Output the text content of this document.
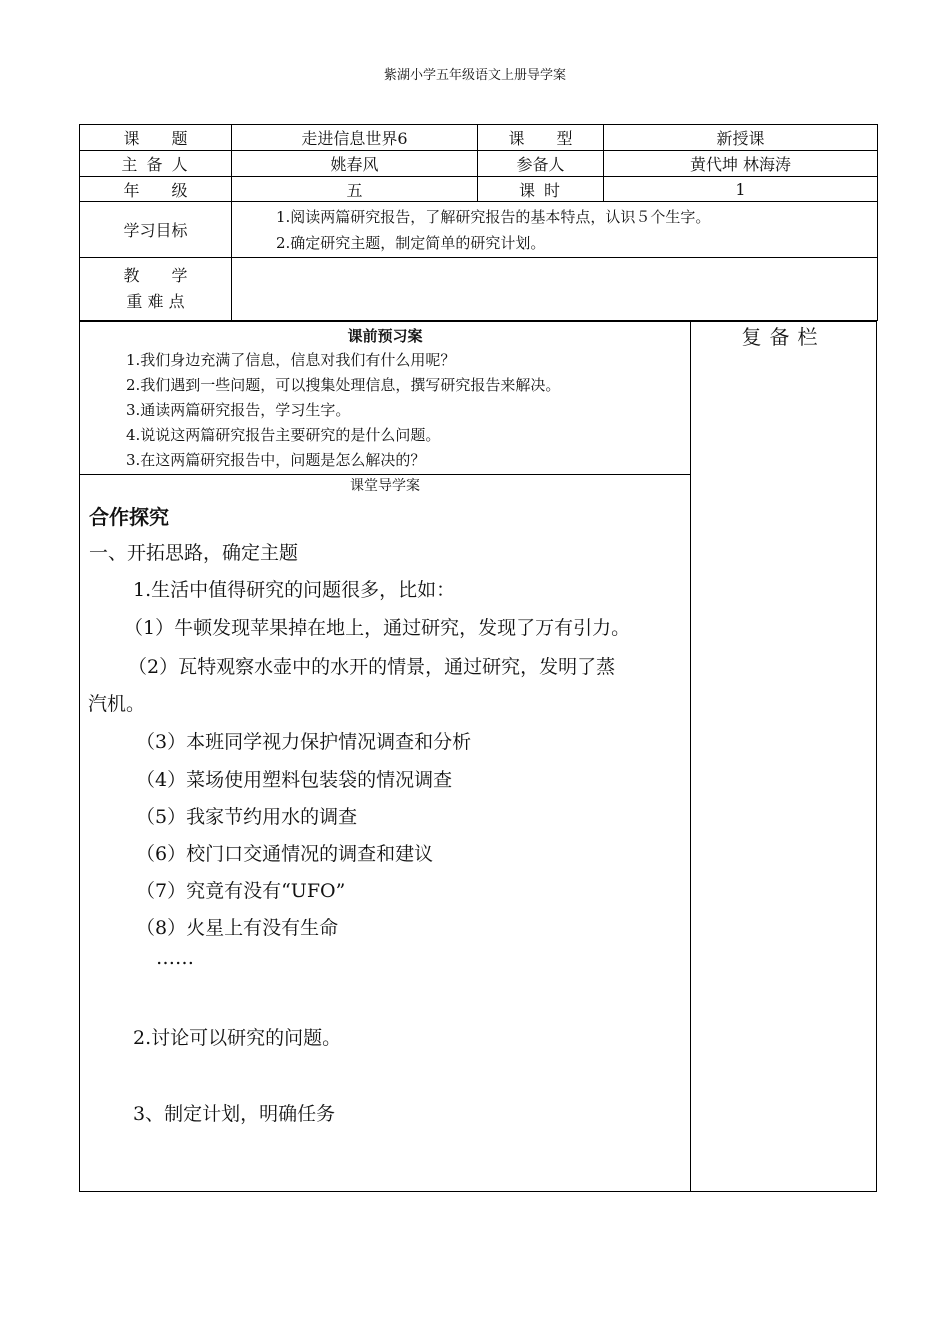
紫湖小学五年级语文上册导学案
课　　题	走进信息世界6	课　　型	新授课
主 备 人	姚春风	参备人	黄代坤 林海涛
年　　级	五	课 时	1
学习目标	1.阅读两篇研究报告，了解研究报告的基本特点，认识５个生字。
2.确定研究主题，制定简单的研究计划。		

教　　学
重 难 点			

复备栏
课前预习案
1.我们身边充满了信息，信息对我们有什么用呢？
2.我们遇到一些问题，可以搜集处理信息，撰写研究报告来解决。
3.通读两篇研究报告，学习生字。
4.说说这两篇研究报告主要研究的是什么问题。
3.在这两篇研究报告中，问题是怎么解决的？
课堂导学案
合作探究
一、开拓思路，确定主题
1.生活中值得研究的问题很多，比如：
（1）牛顿发现苹果掉在地上，通过研究，发现了万有引力。
（2）瓦特观察水壶中的水开的情景，通过研究，发明了蒸
汽机。
（3）本班同学视力保护情况调查和分析
（4）菜场使用塑料包装袋的情况调查
（5）我家节约用水的调查
（6）校门口交通情况的调查和建议
（7）究竟有没有“UFO”
（8）火星上有没有生命
……
2.讨论可以研究的问题。
3、制定计划，明确任务
